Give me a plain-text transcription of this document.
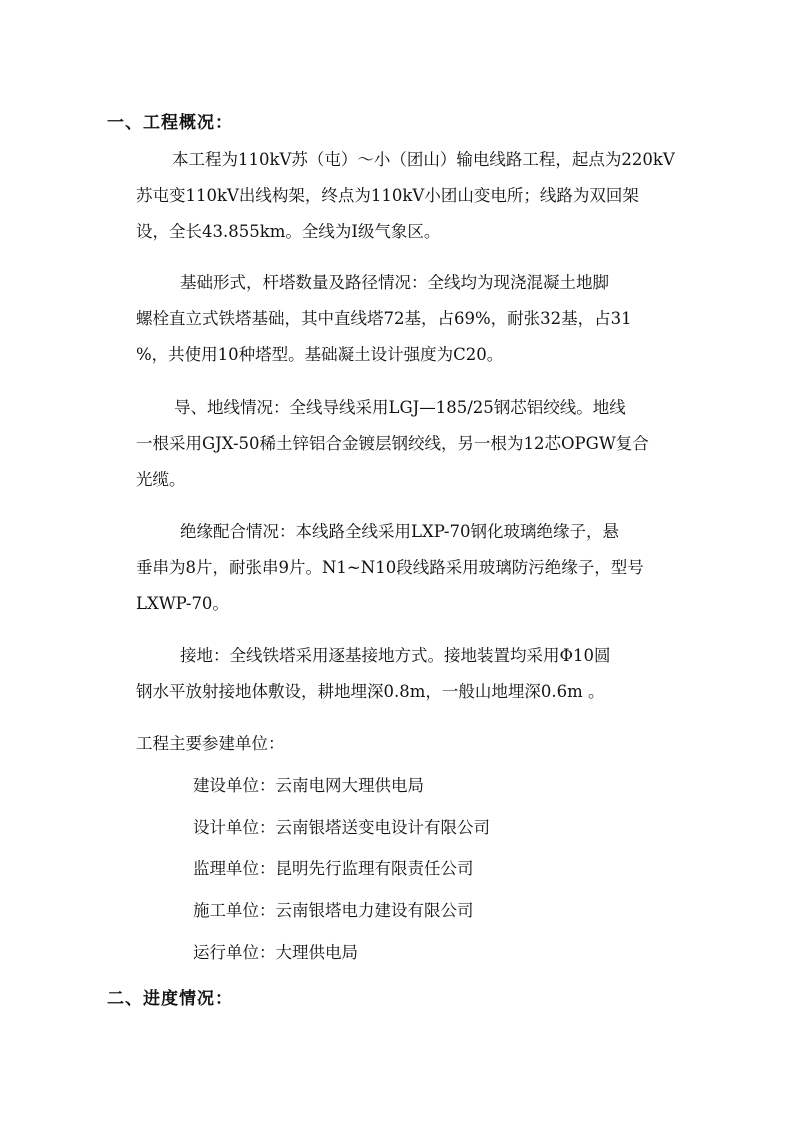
一、工程概况：
本工程为110kV苏（屯）～小（团山）输电线路工程，起点为220kV
苏屯变110kV出线构架，终点为110kV小团山变电所；线路为双回架
设，全长43.855km。全线为Ⅰ级气象区。
基础形式，杆塔数量及路径情况：全线均为现浇混凝土地脚
螺栓直立式铁塔基础，其中直线塔72基，占69%，耐张32基，占31
%，共使用10种塔型。基础凝土设计强度为C20。
导、地线情况：全线导线采用LGJ—185/25钢芯铝绞线。地线
一根采用GJX-50稀土锌铝合金镀层钢绞线，另一根为12芯OPGW复合
光缆。
绝缘配合情况：本线路全线采用LXP-70钢化玻璃绝缘子，悬
垂串为8片，耐张串9片。N1~N10段线路采用玻璃防污绝缘子，型号
LXWP-70。
接地：全线铁塔采用逐基接地方式。接地装置均采用Φ10圆
钢水平放射接地体敷设，耕地埋深0.8m，一般山地埋深0.6m 。
工程主要参建单位：
建设单位：云南电网大理供电局
设计单位：云南银塔送变电设计有限公司
监理单位：昆明先行监理有限责任公司
施工单位：云南银塔电力建设有限公司
运行单位：大理供电局
二、进度情况：
